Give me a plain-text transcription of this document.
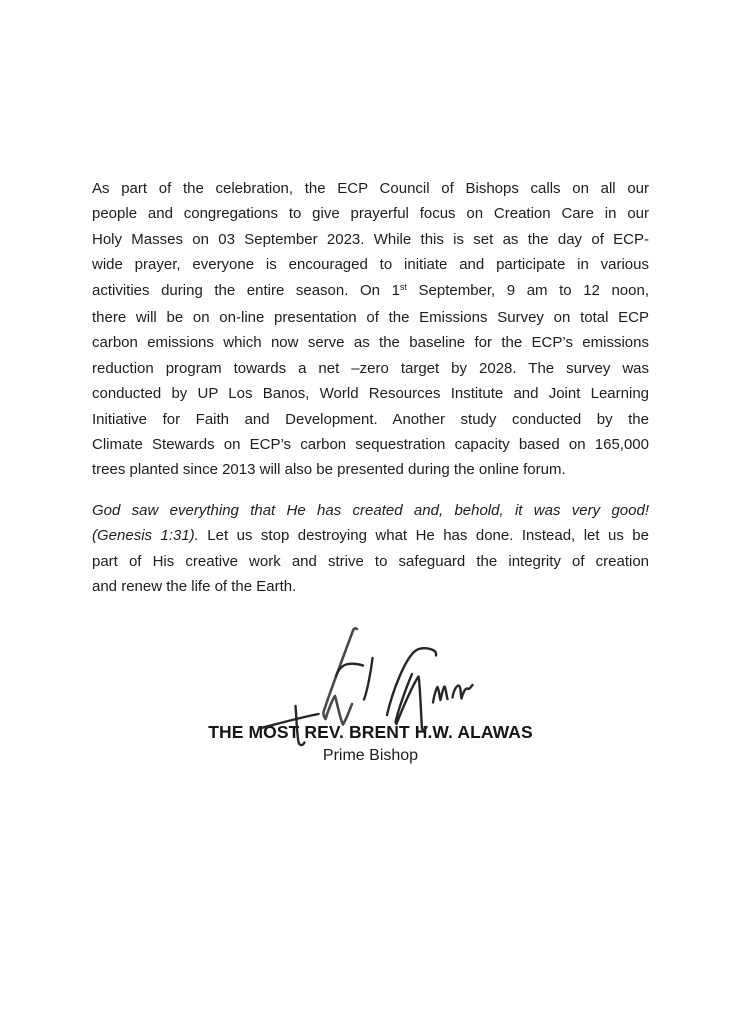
As part of the celebration, the ECP Council of Bishops calls on all our
people and congregations to give prayerful focus on Creation Care in our
Holy Masses on 03 September 2023. While this is set as the day of ECP-
wide prayer, everyone is encouraged to initiate and participate in various
activities during the entire season. On 1st September, 9 am to 12 noon,
there will be on on-line presentation of the Emissions Survey on total ECP
carbon emissions which now serve as the baseline for the ECP’s emissions
reduction program towards a net –zero target by 2028. The survey was
conducted by UP Los Banos, World Resources Institute and Joint Learning
Initiative for Faith and Development. Another study conducted by the
Climate Stewards on ECP’s carbon sequestration capacity based on 165,000
trees planted since 2013 will also be presented during the online forum.
God saw everything that He has created and, behold, it was very good!
(Genesis 1:31). Let us stop destroying what He has done. Instead, let us be
part of His creative work and strive to safeguard the integrity of creation
and renew the life of the Earth.
THE MOST REV. BRENT H.W. ALAWAS
Prime Bishop
